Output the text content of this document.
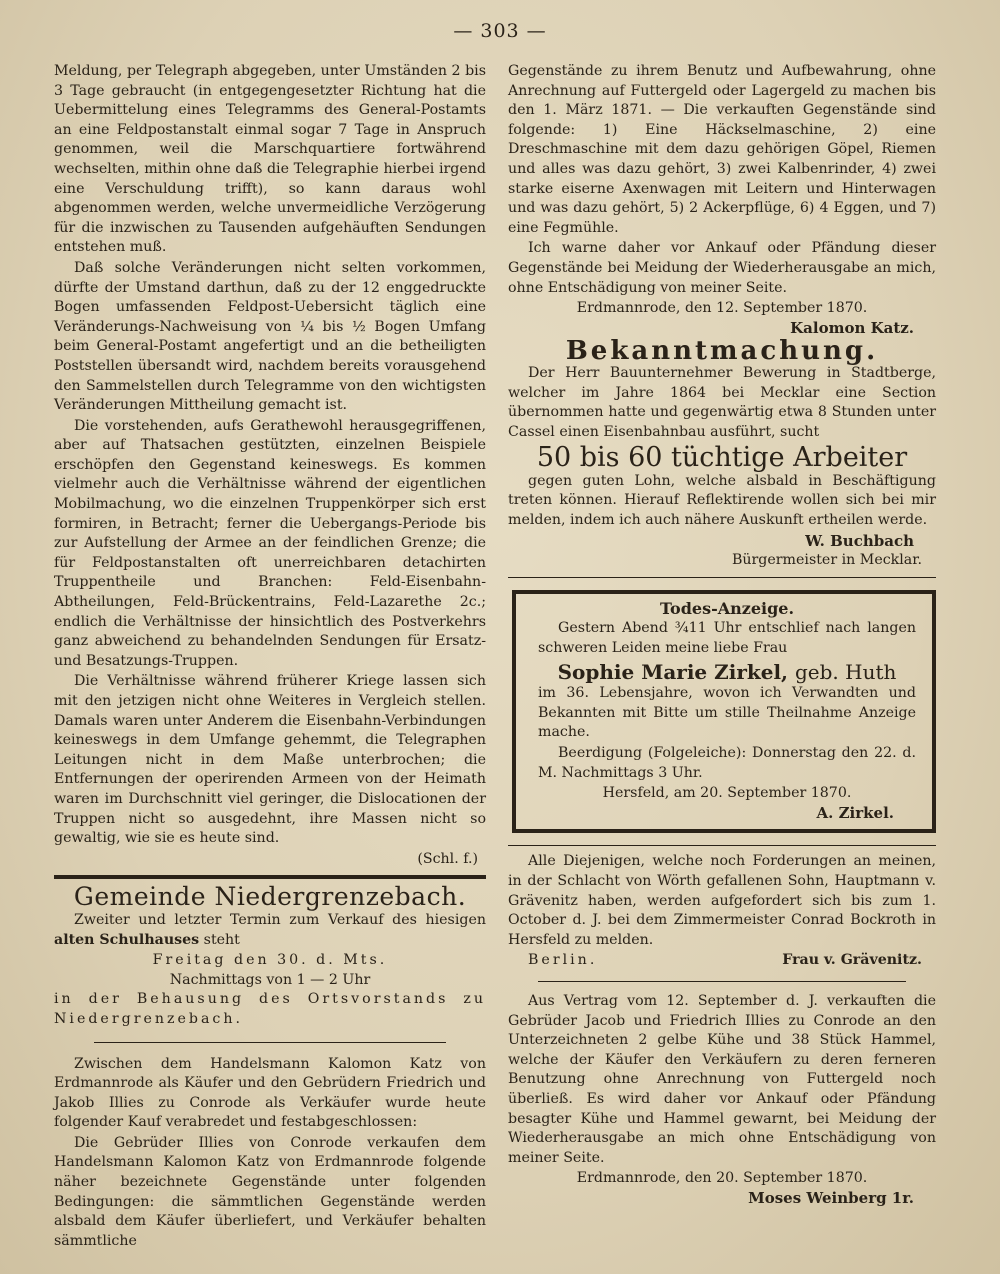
— 303 —

Meldung, per Telegraph abgegeben, unter Umständen 2 bis 3 Tage gebraucht (in entgegengesetzter Richtung hat die Uebermittelung eines Telegramms des General-Postamts an eine Feldpostanstalt einmal sogar 7 Tage in Anspruch genommen, weil die Marschquartiere fortwährend wechselten, mithin ohne daß die Telegraphie hierbei irgend eine Verschuldung trifft), so kann daraus wohl abgenommen werden, welche unvermeidliche Verzögerung für die inzwischen zu Tausenden aufgehäuften Sendungen entstehen muß.

Daß solche Veränderungen nicht selten vorkommen, dürfte der Umstand darthun, daß zu der 12 enggedruckte Bogen umfassenden Feldpost-Uebersicht täglich eine Veränderungs-Nachweisung von ¼ bis ½ Bogen Umfang beim General-Postamt angefertigt und an die betheiligten Poststellen übersandt wird, nachdem bereits vorausgehend den Sammelstellen durch Telegramme von den wichtigsten Veränderungen Mittheilung gemacht ist.

Die vorstehenden, aufs Gerathewohl herausgegriffenen, aber auf Thatsachen gestützten, einzelnen Beispiele erschöpfen den Gegenstand keineswegs. Es kommen vielmehr auch die Verhältnisse während der eigentlichen Mobilmachung, wo die einzelnen Truppenkörper sich erst formiren, in Betracht; ferner die Uebergangs-Periode bis zur Aufstellung der Armee an der feindlichen Grenze; die für Feldpostanstalten oft unerreichbaren detachirten Truppentheile und Branchen: Feld-Eisenbahn-Abtheilungen, Feld-Brückentrains, Feld-Lazarethe 2c.; endlich die Verhältnisse der hinsichtlich des Postverkehrs ganz abweichend zu behandelnden Sendungen für Ersatz- und Besatzungs-Truppen.

Die Verhältnisse während früherer Kriege lassen sich mit den jetzigen nicht ohne Weiteres in Vergleich stellen. Damals waren unter Anderem die Eisenbahn-Verbindungen keineswegs in dem Umfange gehemmt, die Telegraphen Leitungen nicht in dem Maße unterbrochen; die Entfernungen der operirenden Armeen von der Heimath waren im Durchschnitt viel geringer, die Dislocationen der Truppen nicht so ausgedehnt, ihre Massen nicht so gewaltig, wie sie es heute sind.

(Schl. f.)
Gemeinde Niedergrenzebach.

Zweiter und letzter Termin zum Verkauf des hiesigen alten Schulhauses steht

Freitag den 30. d. Mts.
Nachmittags von 1 — 2 Uhr

in der Behausung des Ortsvorstands zu Niedergrenzebach.

Zwischen dem Handelsmann Kalomon Katz von Erdmannrode als Käufer und den Gebrüdern Friedrich und Jakob Illies zu Conrode als Verkäufer wurde heute folgender Kauf verabredet und festabgeschlossen:

Die Gebrüder Illies von Conrode verkaufen dem Handelsmann Kalomon Katz von Erdmannrode folgende näher bezeichnete Gegenstände unter folgenden Bedingungen: die sämmtlichen Gegenstände werden alsbald dem Käufer überliefert, und Verkäufer behalten sämmtliche

Gegenstände zu ihrem Benutz und Aufbewahrung, ohne Anrechnung auf Futtergeld oder Lagergeld zu machen bis den 1. März 1871. — Die verkauften Gegenstände sind folgende: 1) Eine Häckselmaschine, 2) eine Dreschmaschine mit dem dazu gehörigen Göpel, Riemen und alles was dazu gehört, 3) zwei Kalbenrinder, 4) zwei starke eiserne Axenwagen mit Leitern und Hinterwagen und was dazu gehört, 5) 2 Ackerpflüge, 6) 4 Eggen, und 7) eine Fegmühle.

Ich warne daher vor Ankauf oder Pfändung dieser Gegenstände bei Meidung der Wiederherausgabe an mich, ohne Entschädigung von meiner Seite.

Erdmannrode, den 12. September 1870.
Kalomon Katz.
Bekanntmachung.

Der Herr Bauunternehmer Bewerung in Stadtberge, welcher im Jahre 1864 bei Mecklar eine Section übernommen hatte und gegenwärtig etwa 8 Stunden unter Cassel einen Eisenbahnbau ausführt, sucht

50 bis 60 tüchtige Arbeiter

gegen guten Lohn, welche alsbald in Beschäftigung treten können. Hierauf Reflektirende wollen sich bei mir melden, indem ich auch nähere Auskunft ertheilen werde.

W. Buchbach
Bürgermeister in Mecklar.
Todes-Anzeige.

Gestern Abend ¾11 Uhr entschlief nach langen schweren Leiden meine liebe Frau

Sophie Marie Zirkel, geb. Huth

im 36. Lebensjahre, wovon ich Verwandten und Bekannten mit Bitte um stille Theilnahme Anzeige mache.

Beerdigung (Folgeleiche): Donnerstag den 22. d. M. Nachmittags 3 Uhr.

Hersfeld, am 20. September 1870.
A. Zirkel.

Alle Diejenigen, welche noch Forderungen an meinen, in der Schlacht von Wörth gefallenen Sohn, Hauptmann v. Grävenitz haben, werden aufgefordert sich bis zum 1. October d. J. bei dem Zimmermeister Conrad Bockroth in Hersfeld zu melden.

Berlin.	Frau v. Grävenitz.

Aus Vertrag vom 12. September d. J. verkauften die Gebrüder Jacob und Friedrich Illies zu Conrode an den Unterzeichneten 2 gelbe Kühe und 38 Stück Hammel, welche der Käufer den Verkäufern zu deren ferneren Benutzung ohne Anrechnung von Futtergeld noch überließ. Es wird daher vor Ankauf oder Pfändung besagter Kühe und Hammel gewarnt, bei Meidung der Wiederherausgabe an mich ohne Entschädigung von meiner Seite.

Erdmannrode, den 20. September 1870.
Moses Weinberg 1r.
